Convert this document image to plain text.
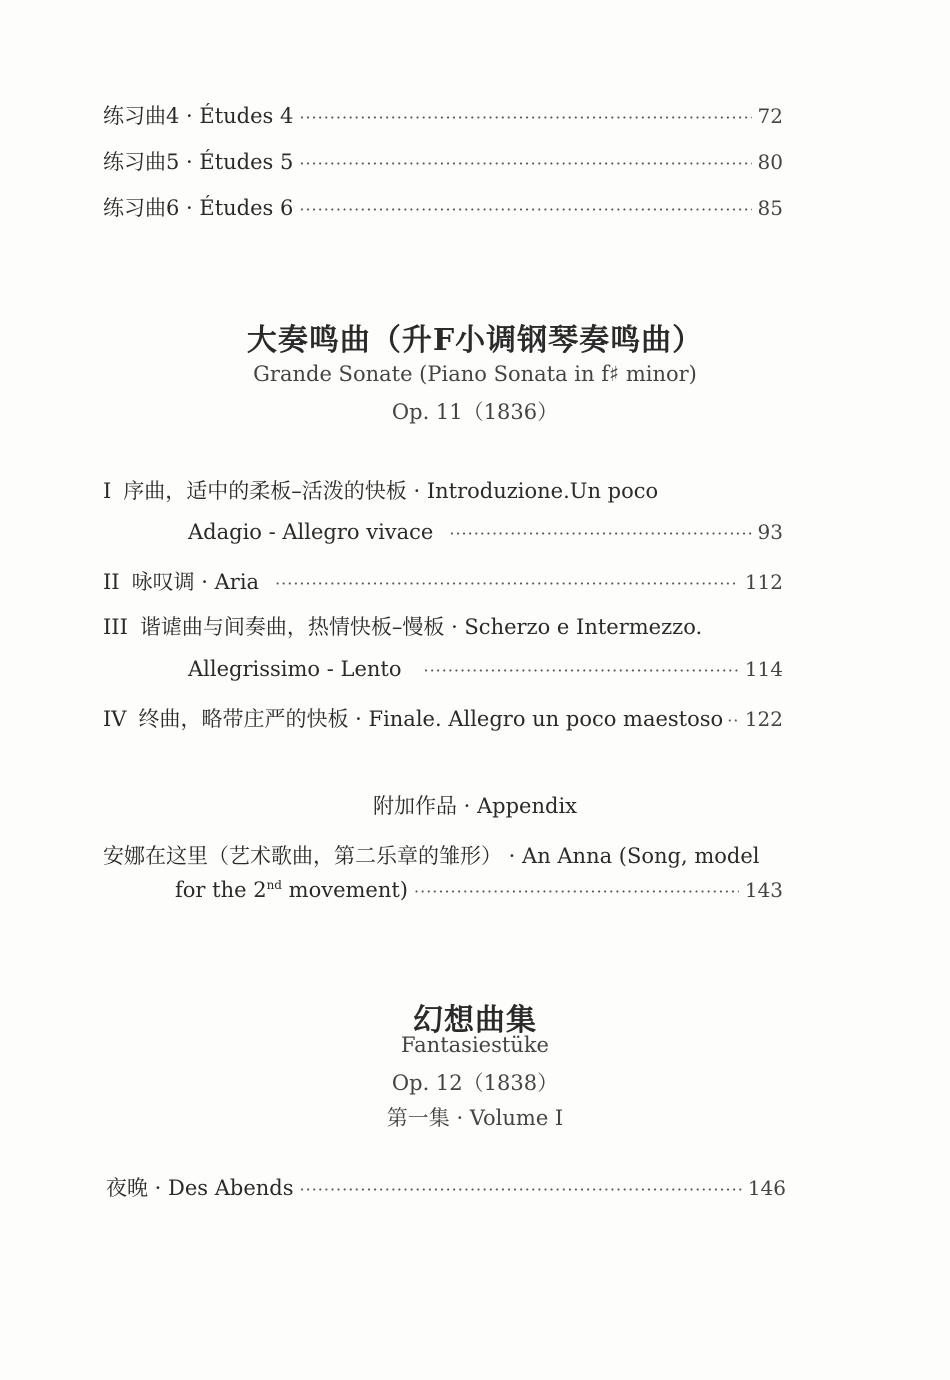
练习曲4 · Études 4 ·····	72
练习曲5 · Études 5 ·····	80
练习曲6 · Études 6 ·····	85
大奏鸣曲（升F小调钢琴奏鸣曲）
Grande Sonate (Piano Sonata in f♯ minor)
Op. 11（1836）
I 序曲，适中的柔板–活泼的快板 · Introduzione.Un poco
Adagio - Allegro vivace ·····	93
II 咏叹调 · Aria ·····	112
III 谐谑曲与间奏曲，热情快板–慢板 · Scherzo e Intermezzo.
Allegrissimo - Lento ·····	114
IV 终曲，略带庄严的快板 · Finale. Allegro un poco maestoso ····· 122
附加作品 · Appendix
安娜在这里（艺术歌曲，第二乐章的雏形） · An Anna (Song, model
for the 2nd movement) ·····	143
幻想曲集
Fantasiestüke
Op. 12（1838）
第一集 · Volume I
夜晚 · Des Abends ·····	146
